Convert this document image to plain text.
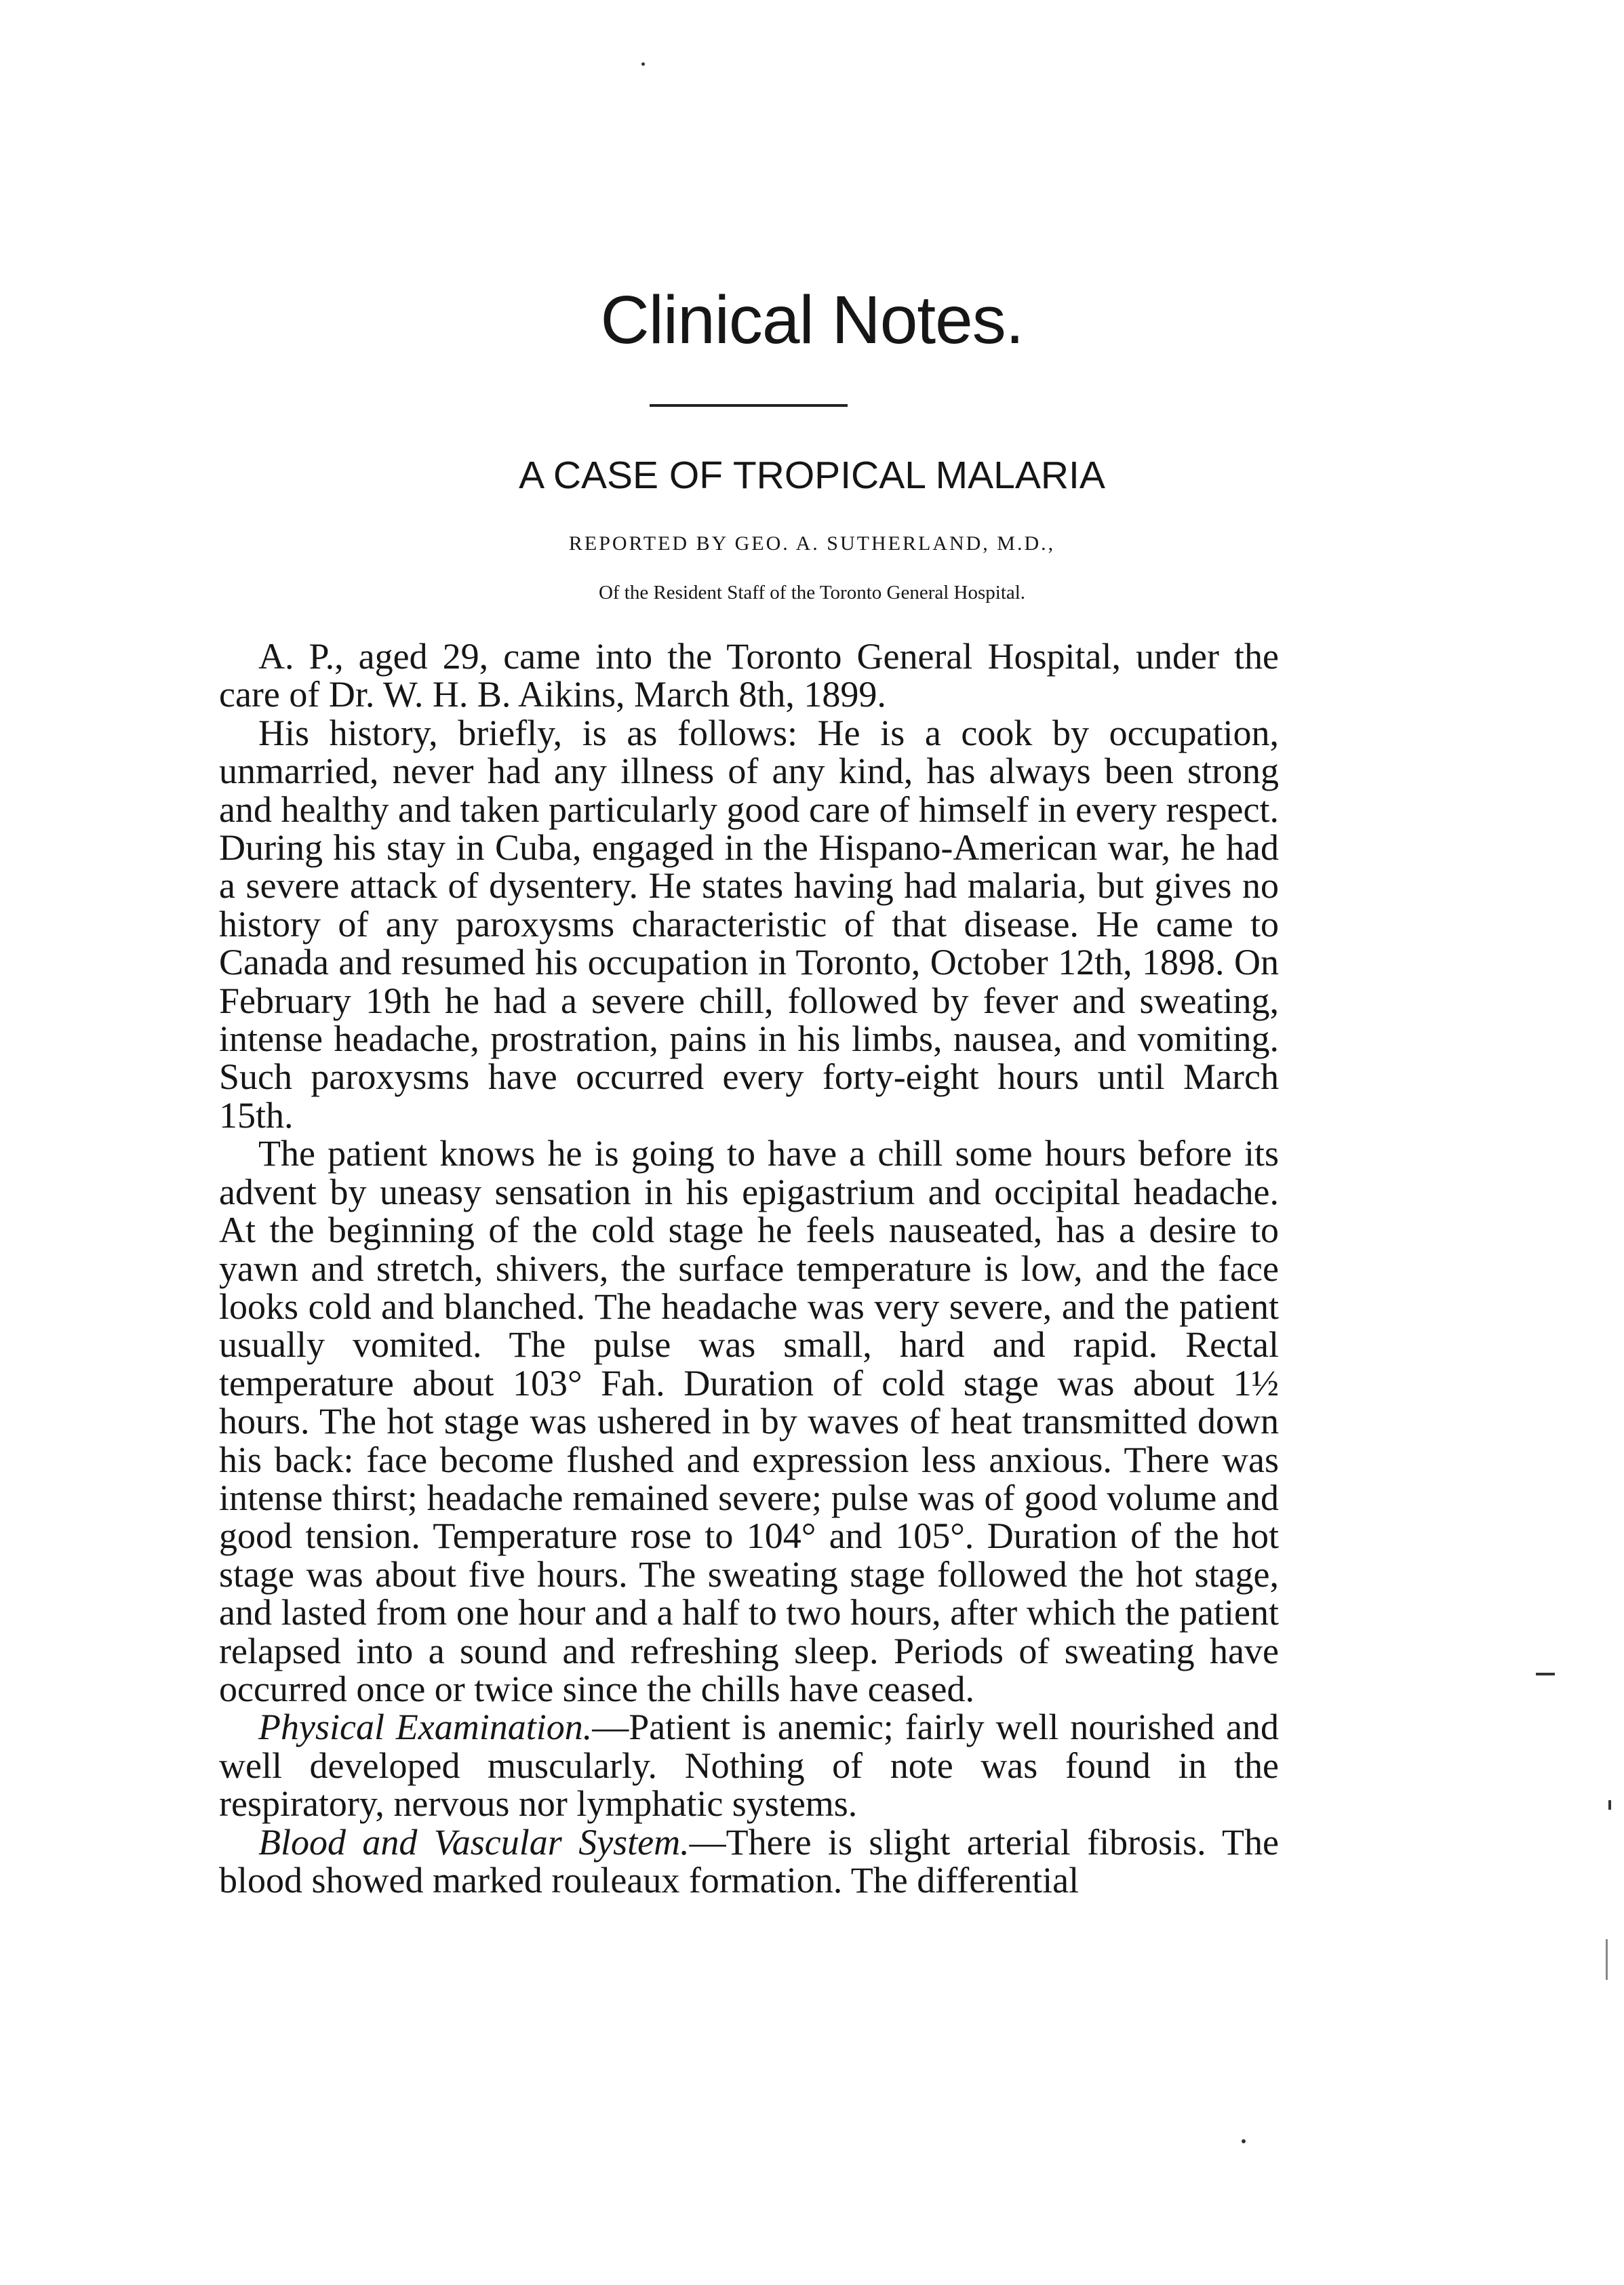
Clinical Notes.
A CASE OF TROPICAL MALARIA

REPORTED BY GEO. A. SUTHERLAND, M.D.,

Of the Resident Staff of the Toronto General Hospital.

A. P., aged 29, came into the Toronto General Hospital, under the care of Dr. W. H. B. Aikins, March 8th, 1899.

His history, briefly, is as follows: He is a cook by occupation, unmarried, never had any illness of any kind, has always been strong and healthy and taken particularly good care of himself in every respect. During his stay in Cuba, engaged in the Hispano-American war, he had a severe attack of dysentery. He states having had malaria, but gives no history of any paroxysms characteristic of that disease. He came to Canada and resumed his occupation in Toronto, October 12th, 1898. On February 19th he had a severe chill, followed by fever and sweating, intense headache, prostration, pains in his limbs, nausea, and vomiting. Such paroxysms have occurred every forty-eight hours until March 15th.

The patient knows he is going to have a chill some hours before its advent by uneasy sensation in his epigastrium and occipital headache. At the beginning of the cold stage he feels nauseated, has a desire to yawn and stretch, shivers, the surface temperature is low, and the face looks cold and blanched. The headache was very severe, and the patient usually vomited. The pulse was small, hard and rapid. Rectal temperature about 103° Fah. Duration of cold stage was about 1½ hours. The hot stage was ushered in by waves of heat transmitted down his back: face become flushed and expression less anxious. There was intense thirst; headache remained severe; pulse was of good volume and good tension. Temperature rose to 104° and 105°. Duration of the hot stage was about five hours. The sweating stage followed the hot stage, and lasted from one hour and a half to two hours, after which the patient relapsed into a sound and refreshing sleep. Periods of sweating have occurred once or twice since the chills have ceased.

Physical Examination.—Patient is anemic; fairly well nourished and well developed muscularly. Nothing of note was found in the respiratory, nervous nor lymphatic systems.

Blood and Vascular System.—There is slight arterial fibrosis. The blood showed marked rouleaux formation. The differential
